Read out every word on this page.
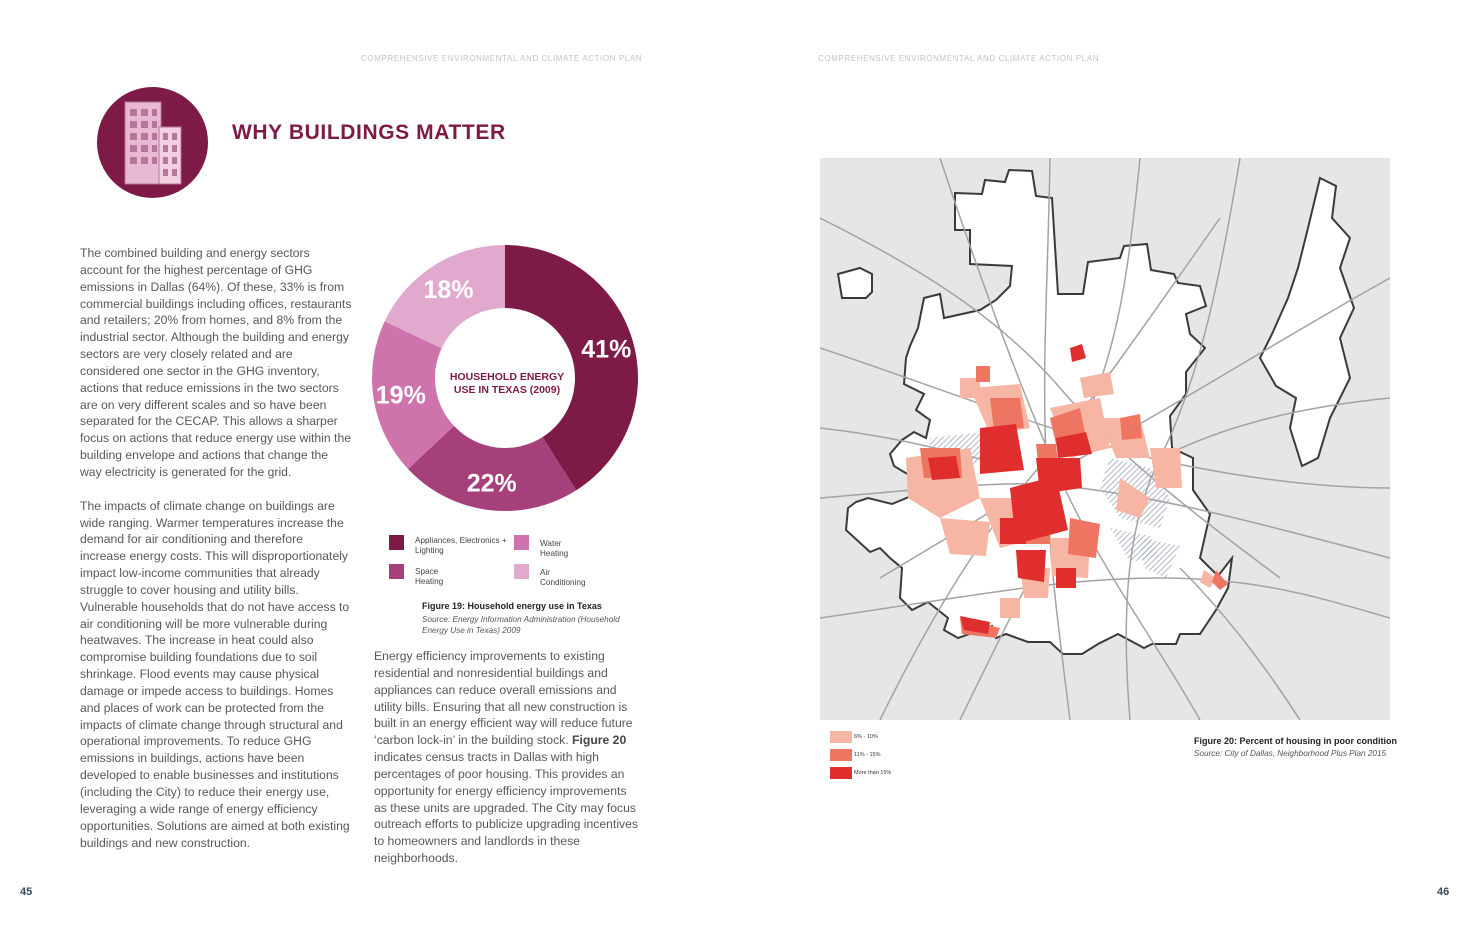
COMPREHENSIVE ENVIRONMENTAL AND CLIMATE ACTION PLAN	COMPREHENSIVE ENVIRONMENTAL AND CLIMATE ACTION PLAN
WHY BUILDINGS MATTER

The combined building and energy sectors account for the highest percentage of GHG emissions in Dallas (64%). Of these, 33% is from commercial buildings including offices, restaurants and retailers; 20% from homes, and 8% from the industrial sector. Although the building and energy sectors are very closely related and are considered one sector in the GHG inventory, actions that reduce emissions in the two sectors are on very different scales and so have been separated for the CECAP. This allows a sharper focus on actions that reduce energy use within the building envelope and actions that change the way electricity is generated for the grid.

The impacts of climate change on buildings are wide ranging. Warmer temperatures increase the demand for air conditioning and therefore increase energy costs. This will disproportionately impact low-income communities that already struggle to cover housing and utility bills. Vulnerable households that do not have access to air conditioning will be more vulnerable during heatwaves. The increase in heat could also compromise building foundations due to soil shrinkage. Flood events may cause physical damage or impede access to buildings. Homes and places of work can be protected from the impacts of climate change through structural and operational improvements. To reduce GHG emissions in buildings, actions have been developed to enable businesses and institutions (including the City) to reduce their energy use, leveraging a wide range of energy efficiency opportunities. Solutions are aimed at both existing buildings and new construction.

41%
22%
19%
18%
HOUSEHOLD ENERGY
USE IN TEXAS (2009)
Appliances, Electronics + Lighting
Space Heating
Water Heating
Air Conditioning
Figure 19: Household energy use in Texas
Source: Energy Information Administration (Household Energy Use in Texas) 2009

Energy efficiency improvements to existing residential and nonresidential buildings and appliances can reduce overall emissions and utility bills. Ensuring that all new construction is built in an energy efficient way will reduce future ‘carbon lock-in’ in the building stock. Figure 20 indicates census tracts in Dallas with high percentages of poor housing. This provides an opportunity for energy efficiency improvements as these units are upgraded. The City may focus outreach efforts to publicize upgrading incentives to homeowners and landlords in these neighborhoods.

45	46
6% - 10%
11% - 15%
More than 15%
Figure 20: Percent of housing in poor condition
Source: City of Dallas, Neighborhood Plus Plan 2015
